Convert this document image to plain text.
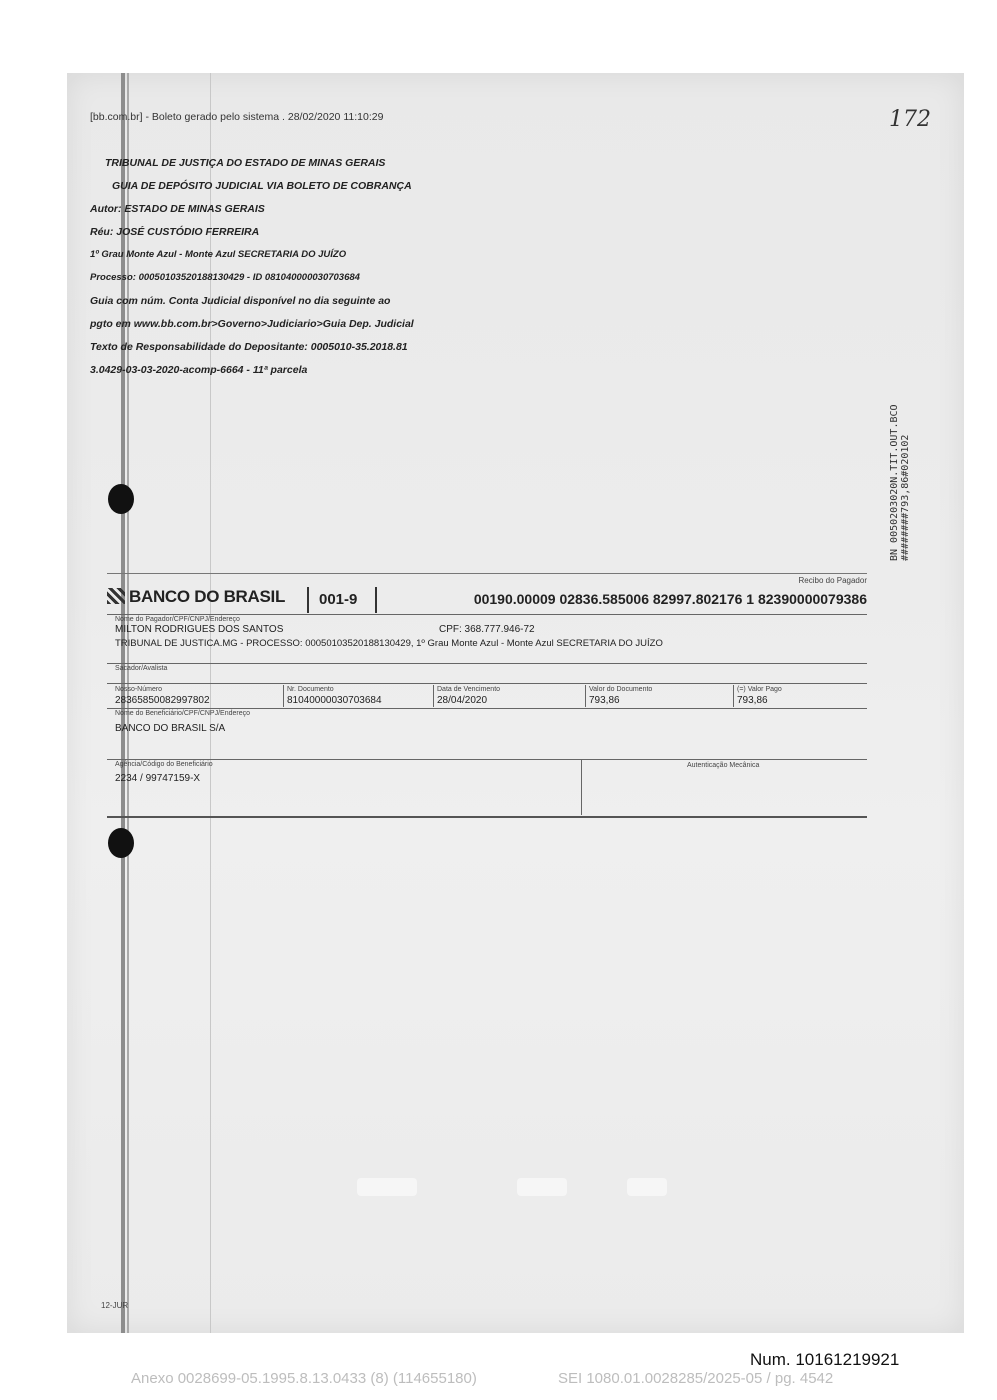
[bb.com.br] - Boleto gerado pelo sistema . 28/02/2020 11:10:29	172
TRIBUNAL DE JUSTIÇA DO ESTADO DE MINAS GERAIS
GUIA DE DEPÓSITO JUDICIAL VIA BOLETO DE COBRANÇA
Autor: ESTADO DE MINAS GERAIS
Réu: JOSÉ CUSTÓDIO FERREIRA
1º Grau Monte Azul - Monte Azul SECRETARIA DO JUÍZO
Processo: 00050103520188130429 - ID 081040000030703684
Guia com núm. Conta Judicial disponível no dia seguinte ao
pgto em www.bb.com.br>Governo>Judiciario>Guia Dep. Judicial
Texto de Responsabilidade do Depositante: 0005010-35.2018.81
3.0429-03-03-2020-acomp-6664 - 11ª parcela
BN 0050203020N.TIT.OUT.BCO ########793,86#020102
Recibo do Pagador
BANCO DO BRASIL 001-9	00190.00009 02836.585006 82997.802176 1 82390000079386
Nome do Pagador/CPF/CNPJ/Endereço
MILTON RODRIGUES DOS SANTOS	CPF: 368.777.946-72
TRIBUNAL DE JUSTICA.MG - PROCESSO: 00050103520188130429, 1º Grau Monte Azul - Monte Azul SECRETARIA DO JUÍZO
Sacador/Avalista
Nosso-Número
28365850082997802
Nr. Documento
81040000030703684
Data de Vencimento
28/04/2020
Valor do Documento
793,86
(=) Valor Pago
793,86
Nome do Beneficiário/CPF/CNPJ/Endereço
BANCO DO BRASIL S/A
Agência/Código do Beneficiário
2234 / 99747159-X
Autenticação Mecânica
12-JUR
Num. 10161219921
Anexo 0028699-05.1995.8.13.0433 (8) (114655180)	SEI 1080.01.0028285/2025-05 / pg. 4542
